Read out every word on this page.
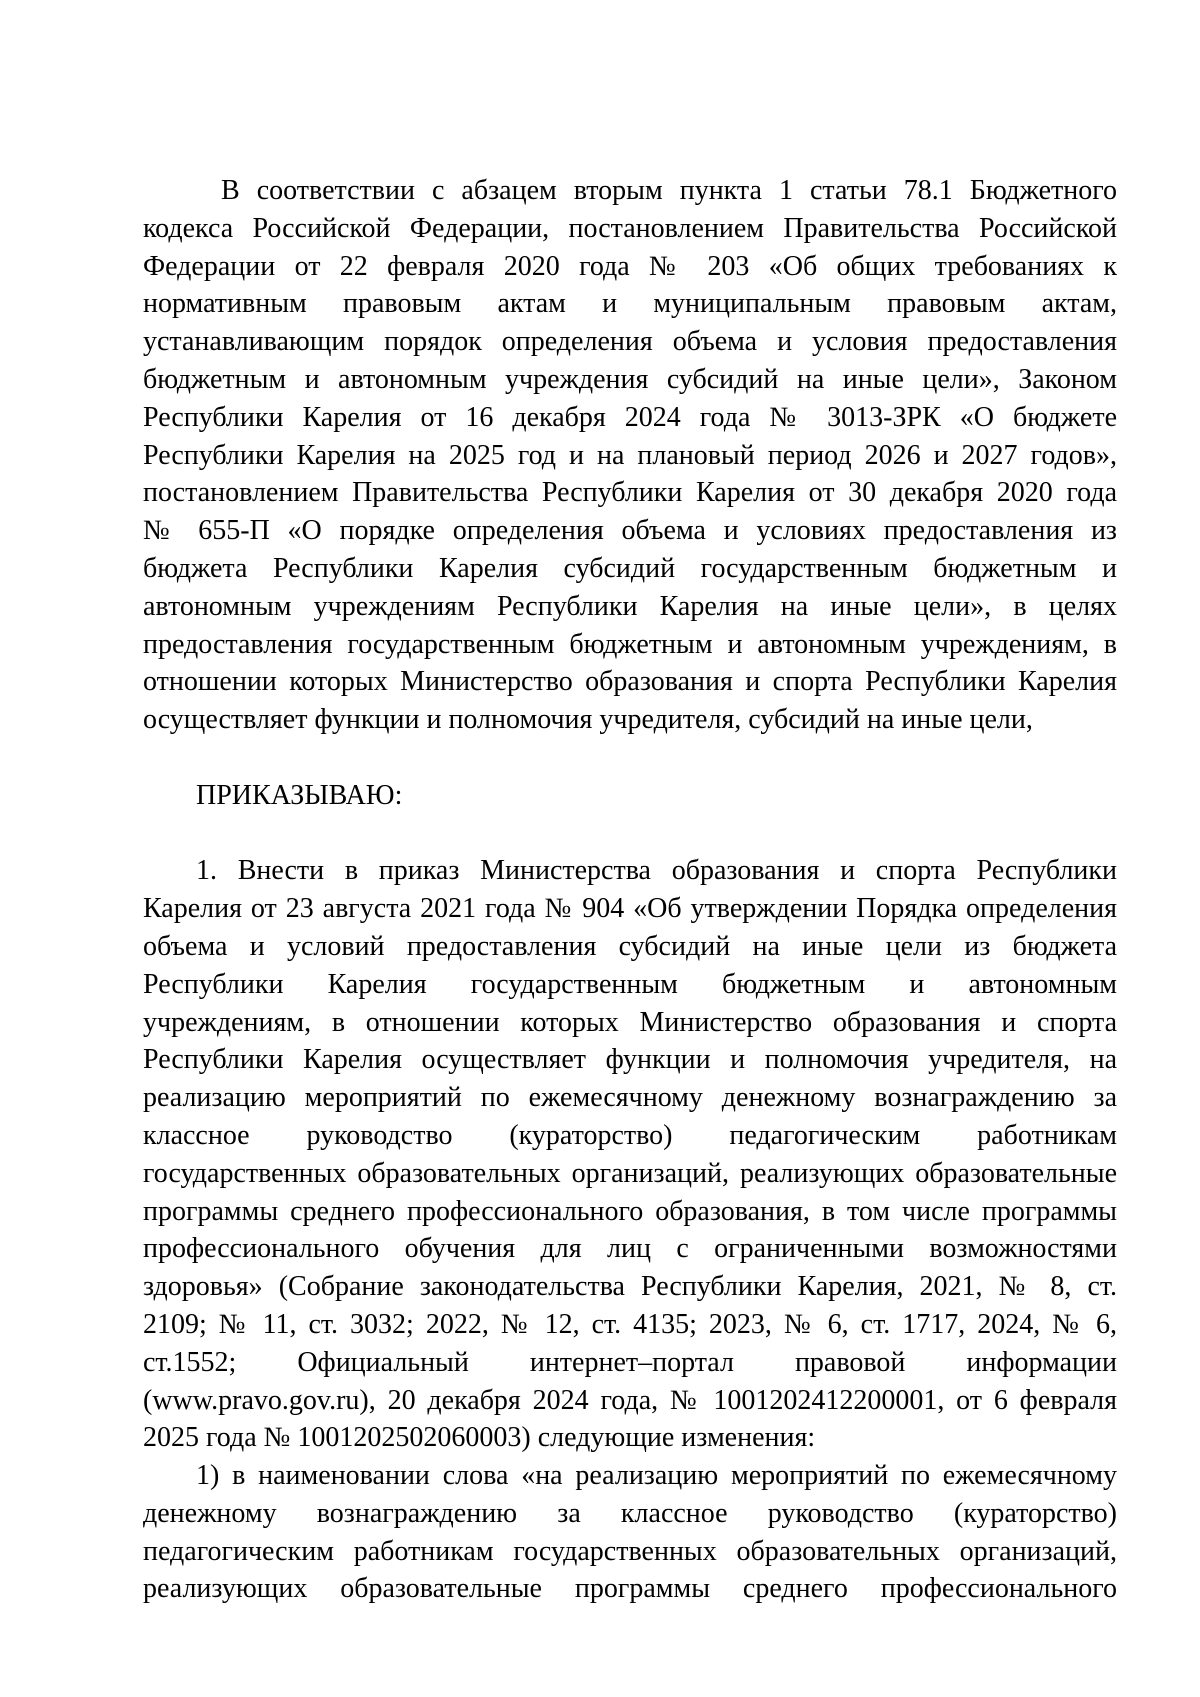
В соответствии с абзацем вторым пункта 1 статьи 78.1 Бюджетного
кодекса Российской Федерации, постановлением Правительства Российской
Федерации от 22 февраля 2020 года № 203 «Об общих требованиях к
нормативным правовым актам и муниципальным правовым актам,
устанавливающим порядок определения объема и условия предоставления
бюджетным и автономным учреждения субсидий на иные цели», Законом
Республики Карелия от 16 декабря 2024 года № 3013-ЗРК «О бюджете
Республики Карелия на 2025 год и на плановый период 2026 и 2027 годов»,
постановлением Правительства Республики Карелия от 30 декабря 2020 года
№ 655-П «О порядке определения объема и условиях предоставления из
бюджета Республики Карелия субсидий государственным бюджетным и
автономным учреждениям Республики Карелия на иные цели», в целях
предоставления государственным бюджетным и автономным учреждениям, в
отношении которых Министерство образования и спорта Республики Карелия
осуществляет функции и полномочия учредителя, субсидий на иные цели,
ПРИКАЗЫВАЮ:
1. Внести в приказ Министерства образования и спорта Республики
Карелия от 23 августа 2021 года № 904 «Об утверждении Порядка определения
объема и условий предоставления субсидий на иные цели из бюджета
Республики Карелия государственным бюджетным и автономным
учреждениям, в отношении которых Министерство образования и спорта
Республики Карелия осуществляет функции и полномочия учредителя, на
реализацию мероприятий по ежемесячному денежному вознаграждению за
классное руководство (кураторство) педагогическим работникам
государственных образовательных организаций, реализующих образовательные
программы среднего профессионального образования, в том числе программы
профессионального обучения для лиц с ограниченными возможностями
здоровья» (Собрание законодательства Республики Карелия, 2021, № 8, ст.
2109; № 11, ст. 3032; 2022, № 12, ст. 4135; 2023, № 6, ст. 1717, 2024, № 6,
ст.1552; Официальный интернет–портал правовой информации
(www.pravo.gov.ru), 20 декабря 2024 года, № 1001202412200001, от 6 февраля
2025 года № 1001202502060003) следующие изменения:
1) в наименовании слова «на реализацию мероприятий по ежемесячному
денежному вознаграждению за классное руководство (кураторство)
педагогическим работникам государственных образовательных организаций,
реализующих образовательные программы среднего профессионального
